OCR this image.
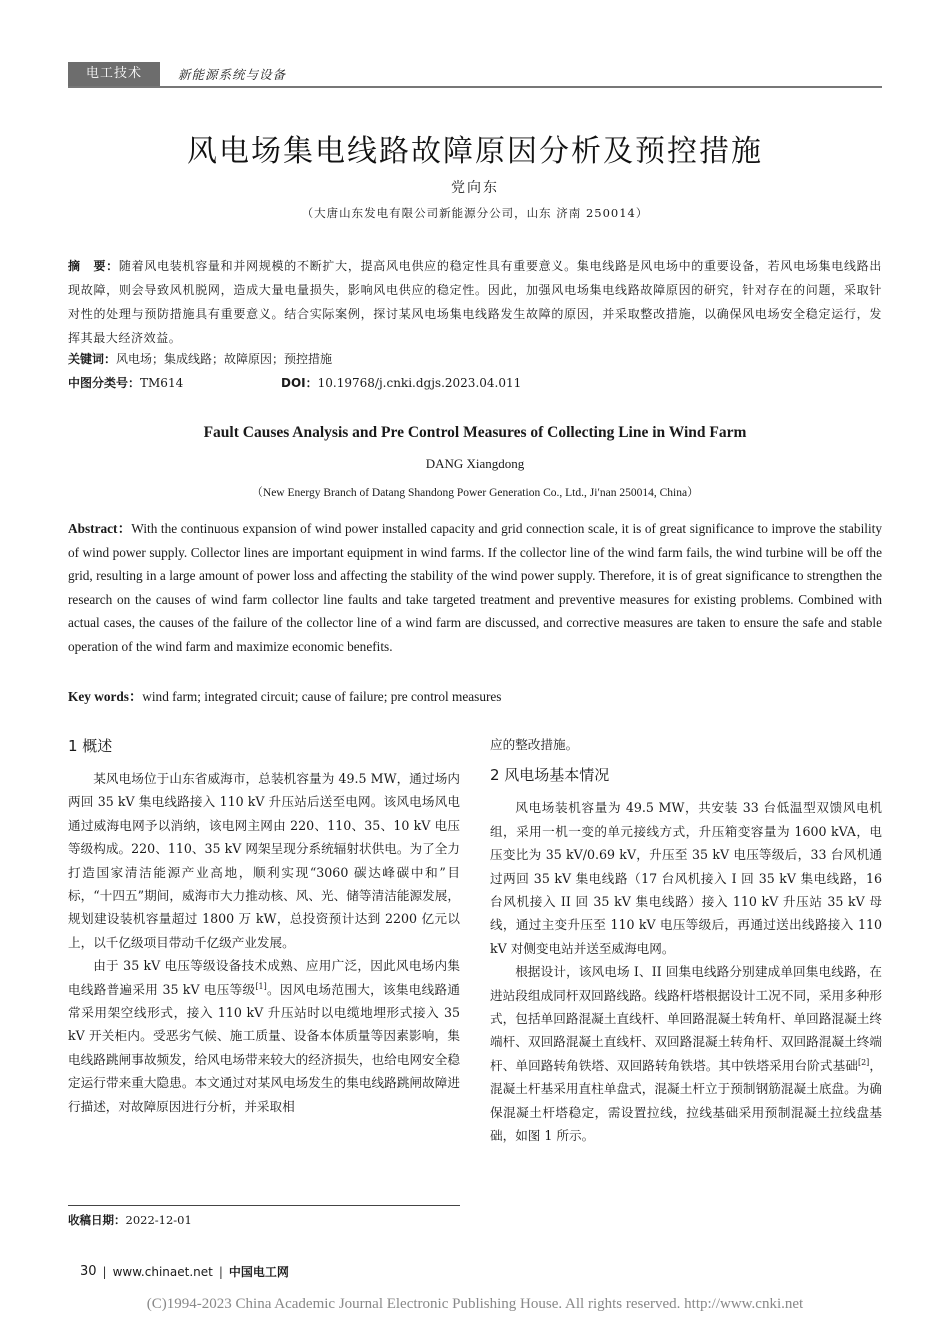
电工技术	新能源系统与设备
风电场集电线路故障原因分析及预控措施
党向东
（大唐山东发电有限公司新能源分公司，山东 济南 250014）
摘　要：随着风电装机容量和并网规模的不断扩大，提高风电供应的稳定性具有重要意义。集电线路是风电场中的重要设备，若风电场集电线路出现故障，则会导致风机脱网，造成大量电量损失，影响风电供应的稳定性。因此，加强风电场集电线路故障原因的研究，针对存在的问题，采取针对性的处理与预防措施具有重要意义。结合实际案例，探讨某风电场集电线路发生故障的原因，并采取整改措施，以确保风电场安全稳定运行，发挥其最大经济效益。
关键词：风电场；集成线路；故障原因；预控措施
中图分类号：TM614	DOI：10.19768/j.cnki.dgjs.2023.04.011
Fault Causes Analysis and Pre Control Measures of Collecting Line in Wind Farm
DANG Xiangdong
（New Energy Branch of Datang Shandong Power Generation Co., Ltd., Ji′nan 250014, China）
Abstract：With the continuous expansion of wind power installed capacity and grid connection scale, it is of great significance to improve the stability of wind power supply. Collector lines are important equipment in wind farms. If the collector line of the wind farm fails, the wind turbine will be off the grid, resulting in a large amount of power loss and affecting the stability of the wind power supply. Therefore, it is of great significance to strengthen the research on the causes of wind farm collector line faults and take targeted treatment and preventive measures for existing problems. Combined with actual cases, the causes of the failure of the collector line of a wind farm are discussed, and corrective measures are taken to ensure the safe and stable operation of the wind farm and maximize economic benefits.
Key words：wind farm; integrated circuit; cause of failure; pre control measures
1 概述

某风电场位于山东省威海市，总装机容量为 49.5 MW，通过场内两回 35 kV 集电线路接入 110 kV 升压站后送至电网。该风电场风电通过威海电网予以消纳，该电网主网由 220、110、35、10 kV 电压等级构成。220、110、35 kV 网架呈现分系统辐射状供电。为了全力打造国家清洁能源产业高地，顺利实现“3060 碳达峰碳中和”目标，“十四五”期间，威海市大力推动核、风、光、储等清洁能源发展，规划建设装机容量超过 1800 万 kW，总投资预计达到 2200 亿元以上，以千亿级项目带动千亿级产业发展。

由于 35 kV 电压等级设备技术成熟、应用广泛，因此风电场内集电线路普遍采用 35 kV 电压等级[1]。因风电场范围大，该集电线路通常采用架空线形式，接入 110 kV 升压站时以电缆地埋形式接入 35 kV 开关柜内。受恶劣气候、施工质量、设备本体质量等因素影响，集电线路跳闸事故频发，给风电场带来较大的经济损失，也给电网安全稳定运行带来重大隐患。本文通过对某风电场发生的集电线路跳闸故障进行描述，对故障原因进行分析，并采取相

应的整改措施。

2 风电场基本情况

风电场装机容量为 49.5 MW，共安装 33 台低温型双馈风电机组，采用一机一变的单元接线方式，升压箱变容量为 1600 kVA，电压变比为 35 kV/0.69 kV，升压至 35 kV 电压等级后，33 台风机通过两回 35 kV 集电线路（17 台风机接入 I 回 35 kV 集电线路，16 台风机接入 II 回 35 kV 集电线路）接入 110 kV 升压站 35 kV 母线，通过主变升压至 110 kV 电压等级后，再通过送出线路接入 110 kV 对侧变电站并送至威海电网。

根据设计，该风电场 I、II 回集电线路分别建成单回集电线路，在进站段组成同杆双回路线路。线路杆塔根据设计工况不同，采用多种形式，包括单回路混凝土直线杆、单回路混凝土转角杆、单回路混凝土终端杆、双回路混凝土直线杆、双回路混凝土转角杆、双回路混凝土终端杆、单回路转角铁塔、双回路转角铁塔。其中铁塔采用台阶式基础[2]，混凝土杆基采用直柱单盘式，混凝土杆立于预制钢筋混凝土底盘。为确保混凝土杆塔稳定，需设置拉线，拉线基础采用预制混凝土拉线盘基础，如图 1 所示。

收稿日期：2022-12-01
30 | www.chinaet.net | 中国电工网
(C)1994-2023 China Academic Journal Electronic Publishing House. All rights reserved. http://www.cnki.net
